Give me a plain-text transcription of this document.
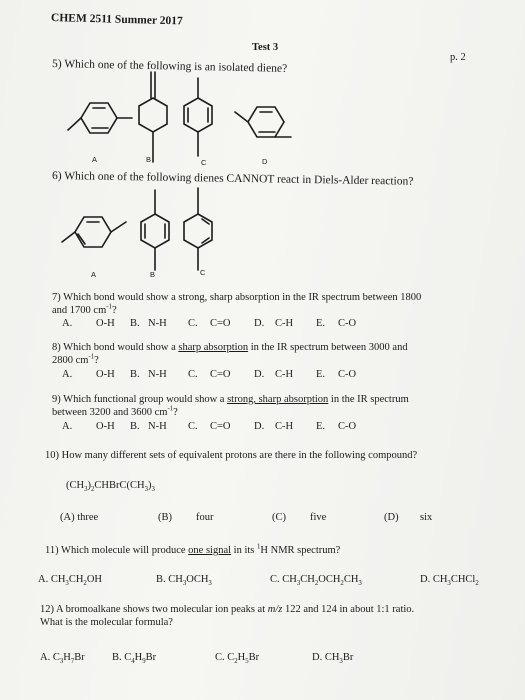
CHEM 2511 Summer 2017
Test 3
p. 2
5) Which one of the following is an isolated diene?
A	B	C	D
6) Which one of the following dienes CANNOT react in Diels-Alder reaction?
A	B	C
7) Which bond would show a strong, sharp absorption in the IR spectrum between 1800
and 1700 $cm^{-1}$?
A. O-H B. N-H C. C=O D. C-H E. C-O
8) Which bond would show a sharp absorption in the IR spectrum between 3000 and
2800 $cm^{-1}$?
A. O-H B. N-H C. C=O D. C-H E. C-O
9) Which functional group would show a strong, sharp absorption in the IR spectrum
between 3200 and 3600 $cm^{-1}$?
A. O-H B. N-H C. C=O D. C-H E. C-O
10) How many different sets of equivalent protons are there in the following compound?
$(CH_3)_2CHBrC(CH_3)_3$
(A) three	(B) four	(C) five	(D) six
11) Which molecule will produce one signal in its $^1$H NMR spectrum?
A. $CH_3CH_2OH$	B. $CH_3OCH_3$	C. $CH_3CH_2OCH_2CH_3$	D. $CH_3CHCl_2$
12) A bromoalkane shows two molecular ion peaks at m/z 122 and 124 in about 1:1 ratio.
What is the molecular formula?
A. $C_3H_7Br$	B. $C_4H_9Br$	C. $C_2H_5Br$	D. $CH_3Br$
